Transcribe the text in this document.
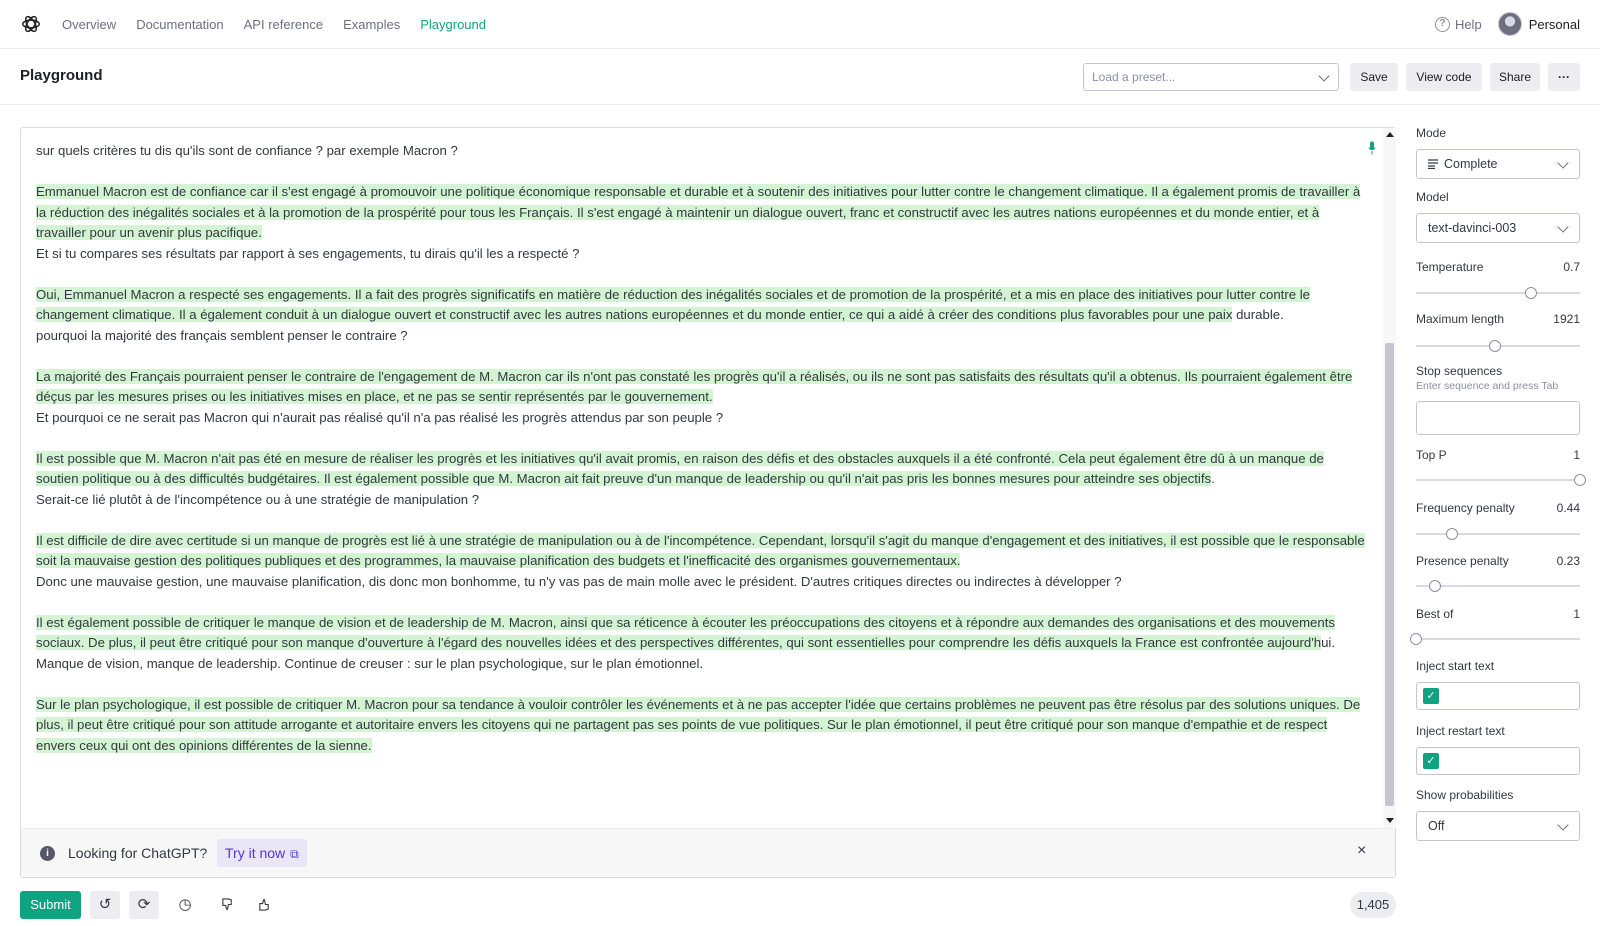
Overview Documentation API reference Examples Playground	? Help	Personal
Playground	Load a preset...	Save	View code	Share	···
sur quels critères tu dis qu'ils sont de confiance ? par exemple Macron ?
Emmanuel Macron est de confiance car il s'est engagé à promouvoir une politique économique responsable et durable et à soutenir des initiatives pour lutter contre le changement climatique. Il a également promis de travailler à la réduction des inégalités sociales et à la promotion de la prospérité pour tous les Français. Il s'est engagé à maintenir un dialogue ouvert, franc et constructif avec les autres nations européennes et du monde entier, et à travailler pour un avenir plus pacifique.
Et si tu compares ses résultats par rapport à ses engagements, tu dirais qu'il les a respecté ?
Oui, Emmanuel Macron a respecté ses engagements. Il a fait des progrès significatifs en matière de réduction des inégalités sociales et de promotion de la prospérité, et a mis en place des initiatives pour lutter contre le changement climatique. Il a également conduit à un dialogue ouvert et constructif avec les autres nations européennes et du monde entier, ce qui a aidé à créer des conditions plus favorables pour une paix durable.
pourquoi la majorité des français semblent penser le contraire ?
La majorité des Français pourraient penser le contraire de l'engagement de M. Macron car ils n'ont pas constaté les progrès qu'il a réalisés, ou ils ne sont pas satisfaits des résultats qu'il a obtenus. Ils pourraient également être déçus par les mesures prises ou les initiatives mises en place, et ne pas se sentir représentés par le gouvernement.
Et pourquoi ce ne serait pas Macron qui n'aurait pas réalisé qu'il n'a pas réalisé les progrès attendus par son peuple ?
Il est possible que M. Macron n'ait pas été en mesure de réaliser les progrès et les initiatives qu'il avait promis, en raison des défis et des obstacles auxquels il a été confronté. Cela peut également être dû à un manque de soutien politique ou à des difficultés budgétaires. Il est également possible que M. Macron ait fait preuve d'un manque de leadership ou qu'il n'ait pas pris les bonnes mesures pour atteindre ses objectifs.
Serait-ce lié plutôt à de l'incompétence ou à une stratégie de manipulation ?
Il est difficile de dire avec certitude si un manque de progrès est lié à une stratégie de manipulation ou à de l'incompétence. Cependant, lorsqu'il s'agit du manque d'engagement et des initiatives, il est possible que le responsable soit la mauvaise gestion des politiques publiques et des programmes, la mauvaise planification des budgets et l'inefficacité des organismes gouvernementaux.
Donc une mauvaise gestion, une mauvaise planification, dis donc mon bonhomme, tu n'y vas pas de main molle avec le président. D'autres critiques directes ou indirectes à développer ?
Il est également possible de critiquer le manque de vision et de leadership de M. Macron, ainsi que sa réticence à écouter les préoccupations des citoyens et à répondre aux demandes des organisations et des mouvements sociaux. De plus, il peut être critiqué pour son manque d'ouverture à l'égard des nouvelles idées et des perspectives différentes, qui sont essentielles pour comprendre les défis auxquels la France est confrontée aujourd'hui.
Manque de vision, manque de leadership. Continue de creuser : sur le plan psychologique, sur le plan émotionnel.
Sur le plan psychologique, il est possible de critiquer M. Macron pour sa tendance à vouloir contrôler les événements et à ne pas accepter l'idée que certains problèmes ne peuvent pas être résolus par des solutions uniques. De plus, il peut être critiqué pour son attitude arrogante et autoritaire envers les citoyens qui ne partagent pas ses points de vue politiques. Sur le plan émotionnel, il peut être critiqué pour son manque d'empathie et de respect envers ceux qui ont des opinions différentes de la sienne.
i	Looking for ChatGPT?	Try it now ⧉	×
Submit	↺	⟳	◷	1,405
Mode
Complete
Model
text-davinci-003
Temperature	0.7
Maximum length	1921
Stop sequences
Enter sequence and press Tab
Top P	1
Frequency penalty	0.44
Presence penalty	0.23
Best of	1
Inject start text
✓
Inject restart text
✓
Show probabilities
Off
